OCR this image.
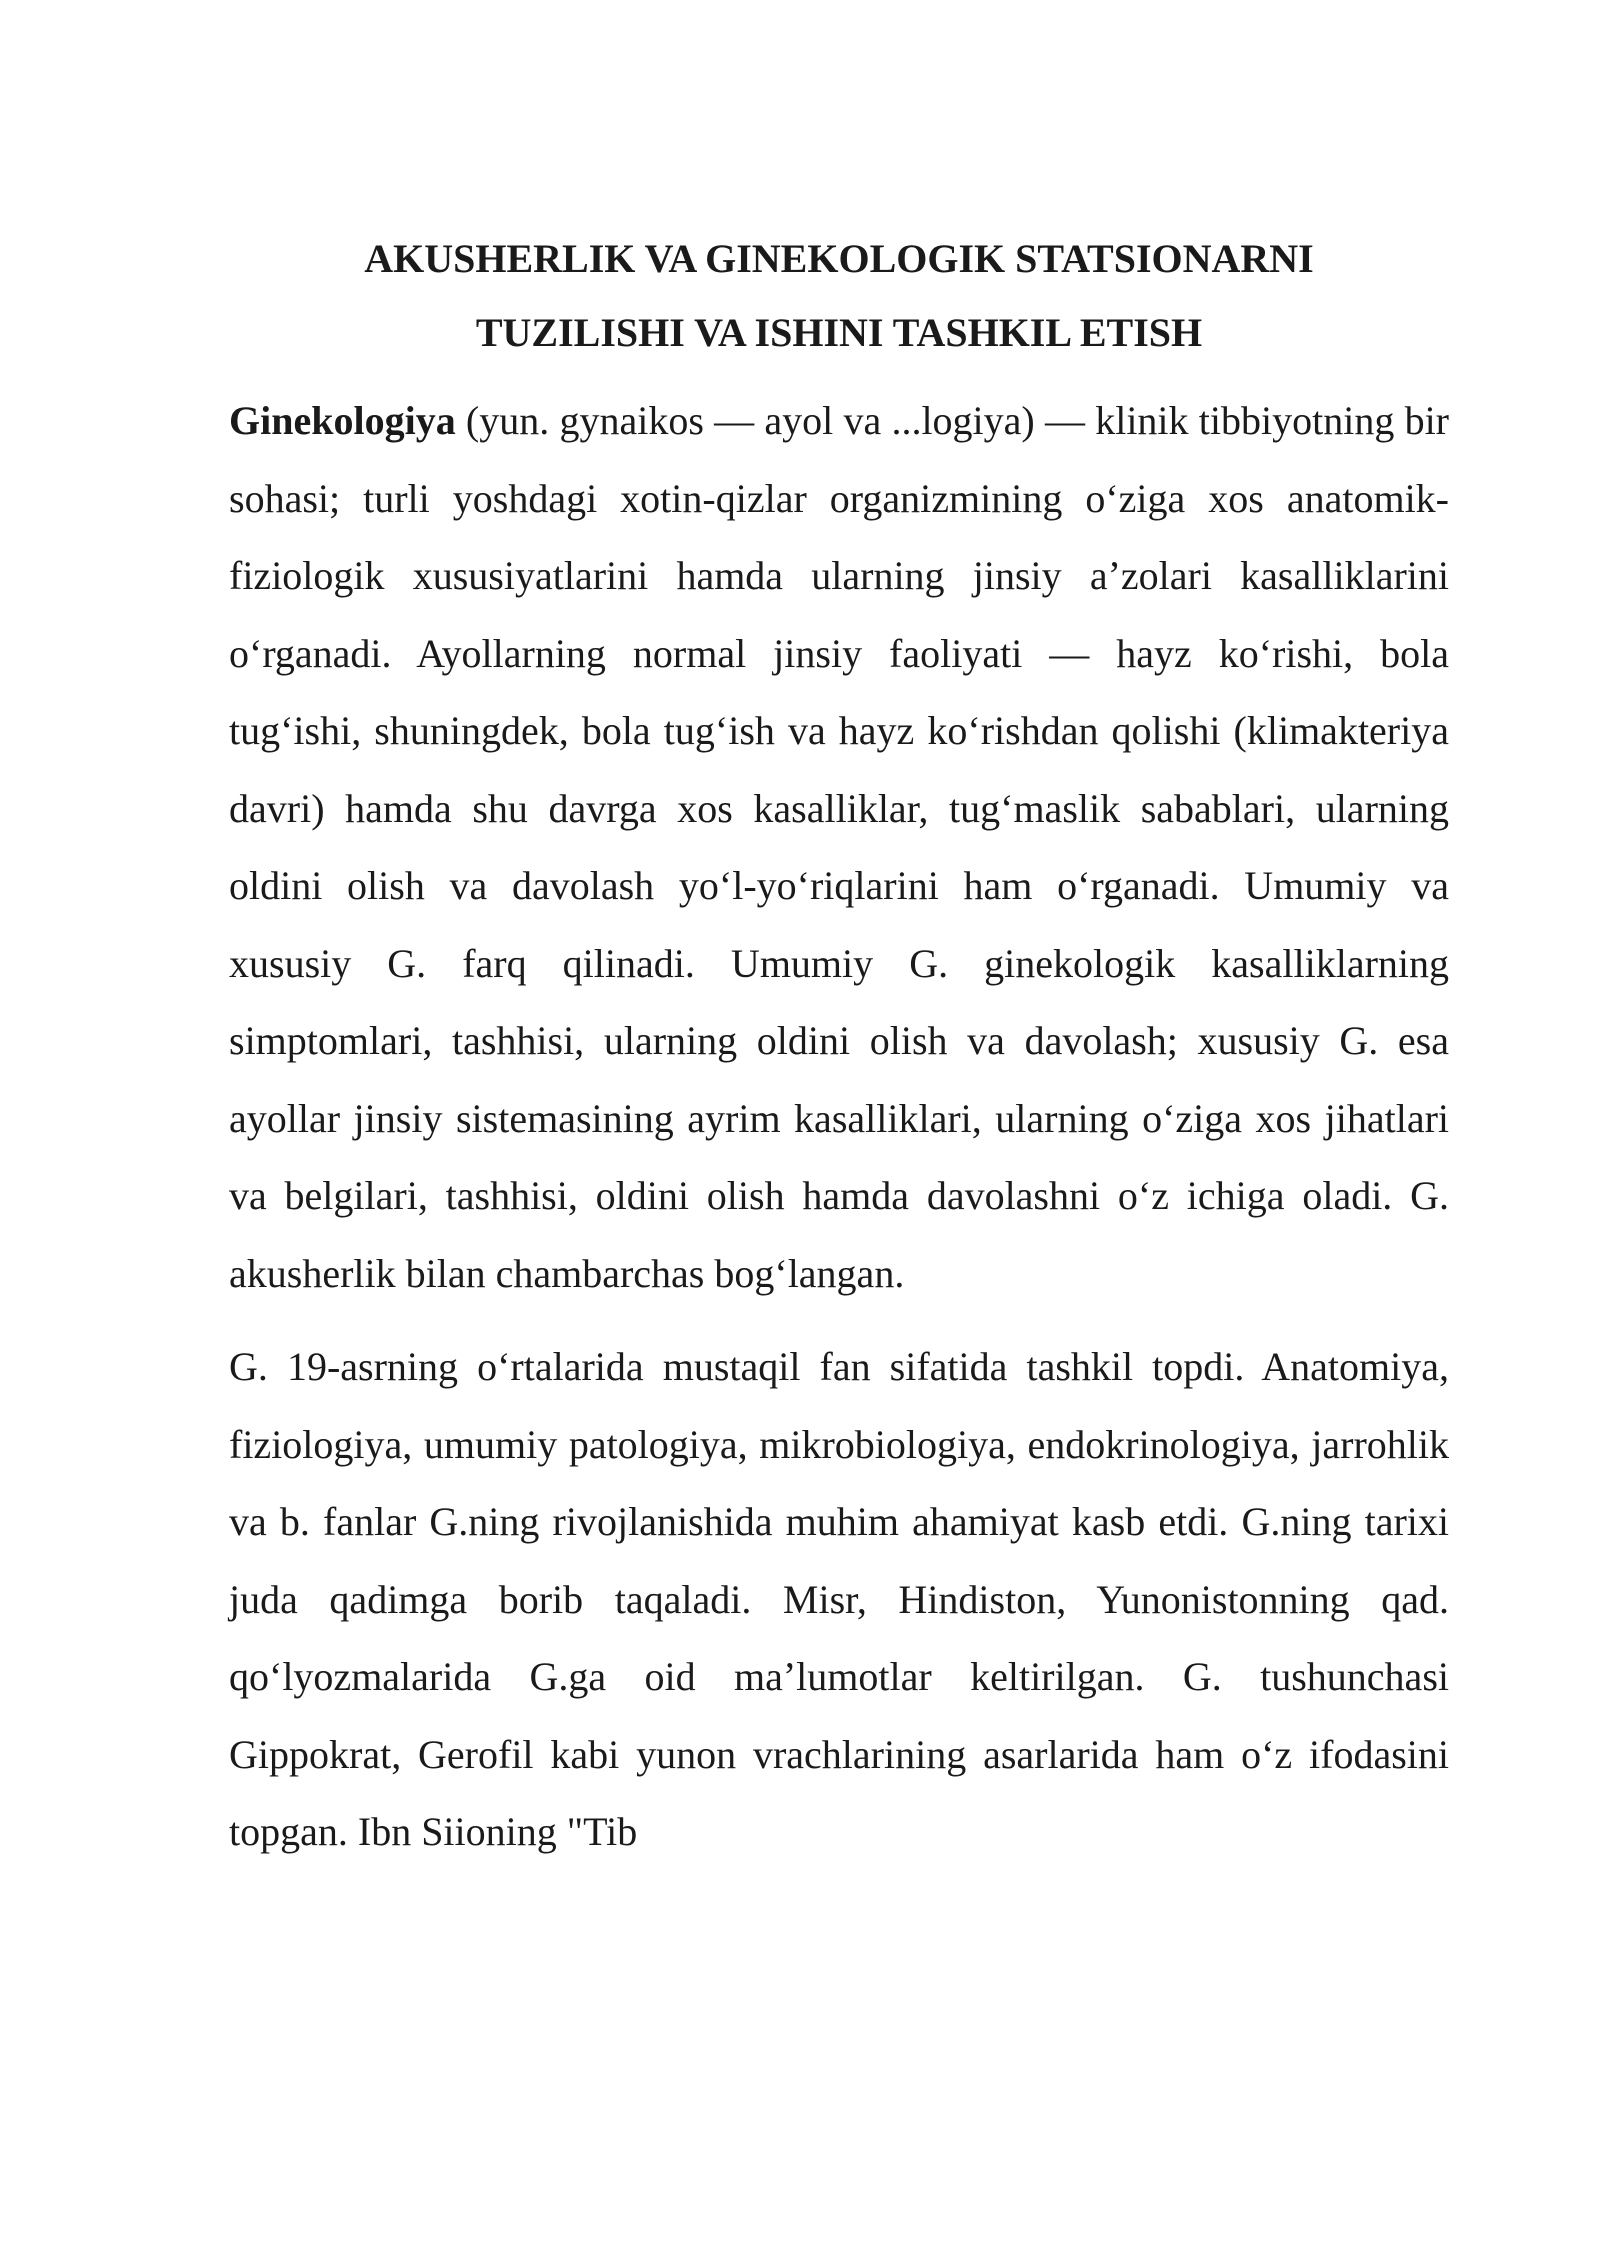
AKUSHERLIK VA GINEKOLOGIK STATSIONARNI
TUZILISHI VA ISHINI TASHKIL ETISH

Ginekologiya (yun. gynaikos — ayol va ...logiya) — klinik tibbiyotning bir sohasi; turli yoshdagi xotin-qizlar organizmining oʻziga xos anatomik-fiziologik xususiyatlarini hamda ularning jinsiy aʼzolari kasalliklarini oʻrganadi. Ayollarning normal jinsiy faoliyati — hayz koʻrishi, bola tugʻishi, shuningdek, bola tugʻish va hayz koʻrishdan qolishi (klimakteriya davri) hamda shu davrga xos kasalliklar, tugʻmaslik sabablari, ularning oldini olish va davolash yoʻl-yoʻriqlarini ham oʻrganadi. Umumiy va xususiy G. farq qilinadi. Umumiy G. ginekologik kasalliklarning simptomlari, tashhisi, ularning oldini olish va davolash; xususiy G. esa ayollar jinsiy sistemasining ayrim kasalliklari, ularning oʻziga xos jihatlari va belgilari, tashhisi, oldini olish hamda davolashni oʻz ichiga oladi. G. akusherlik bilan chambarchas bogʻlangan.

G. 19-asrning oʻrtalarida mustaqil fan sifatida tashkil topdi. Anatomiya, fiziologiya, umumiy patologiya, mikrobiologiya, endokrinologiya, jarrohlik va b. fanlar G.ning rivojlanishida muhim ahamiyat kasb etdi. G.ning tarixi juda qadimga borib taqaladi. Misr, Hindiston, Yunonistonning qad. qoʻlyozmalarida G.ga oid maʼlumotlar keltirilgan. G. tushunchasi Gippokrat, Gerofil kabi yunon vrachlarining asarlarida ham oʻz ifodasini topgan. Ibn Siioning "Tib
